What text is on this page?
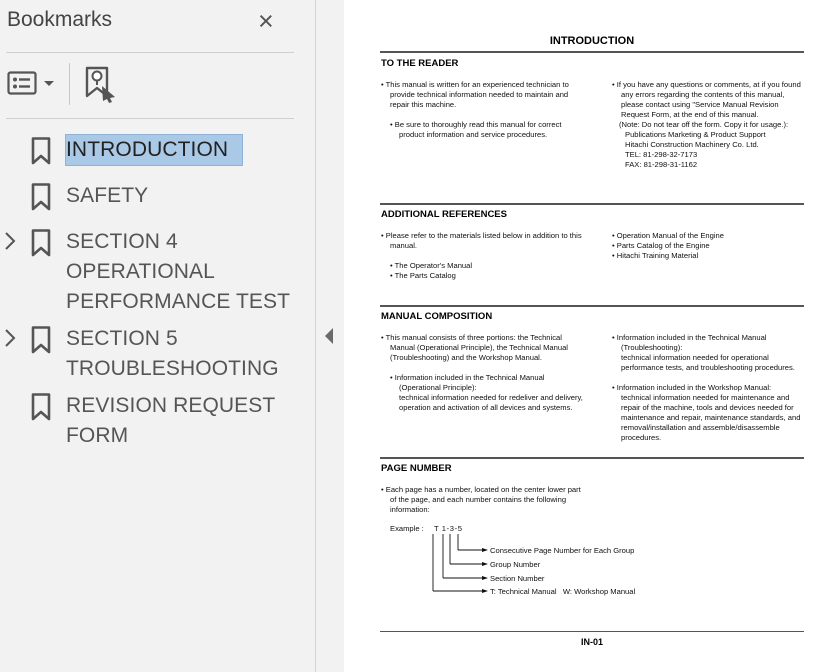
Bookmarks	×
INTRODUCTION
SAFETY
SECTION 4
OPERATIONAL
PERFORMANCE TEST
SECTION 5
TROUBLESHOOTING
REVISION REQUEST
FORM
INTRODUCTION
TO THE READER

• This manual is written for an experienced technician to provide technical information needed to maintain and repair this machine.

• Be sure to thoroughly read this manual for correct product information and service procedures.

• If you have any questions or comments, at if you found any errors regarding the contents of this manual, please contact using "Service Manual Revision Request Form, at the end of this manual.

(Note: Do not tear off the form. Copy it for usage.):

Publications Marketing & Product Support

Hitachi Construction Machinery Co. Ltd.

TEL: 81-298-32-7173

FAX: 81-298-31-1162

ADDITIONAL REFERENCES

• Please refer to the materials listed below in addition to this manual.

• The Operator's Manual

• The Parts Catalog

• Operation Manual of the Engine

• Parts Catalog of the Engine

• Hitachi Training Material

MANUAL COMPOSITION

• This manual consists of three portions: the Technical Manual (Operational Principle), the Technical Manual (Troubleshooting) and the Workshop Manual.

• Information included in the Technical Manual (Operational Principle):

technical information needed for redeliver and delivery, operation and activation of all devices and systems.

• Information included in the Technical Manual (Troubleshooting):

technical information needed for operational performance tests, and troubleshooting procedures.

• Information included in the Workshop Manual:

technical information needed for maintenance and repair of the machine, tools and devices needed for maintenance and repair, maintenance standards, and removal/installation and assemble/disassemble procedures.

PAGE NUMBER

• Each page has a number, located on the center lower part of the page, and each number contains the following information:

Example : T 1-3-5
Consecutive Page Number for Each Group
Group Number
Section Number
T: Technical Manual   W: Workshop Manual
IN-01
